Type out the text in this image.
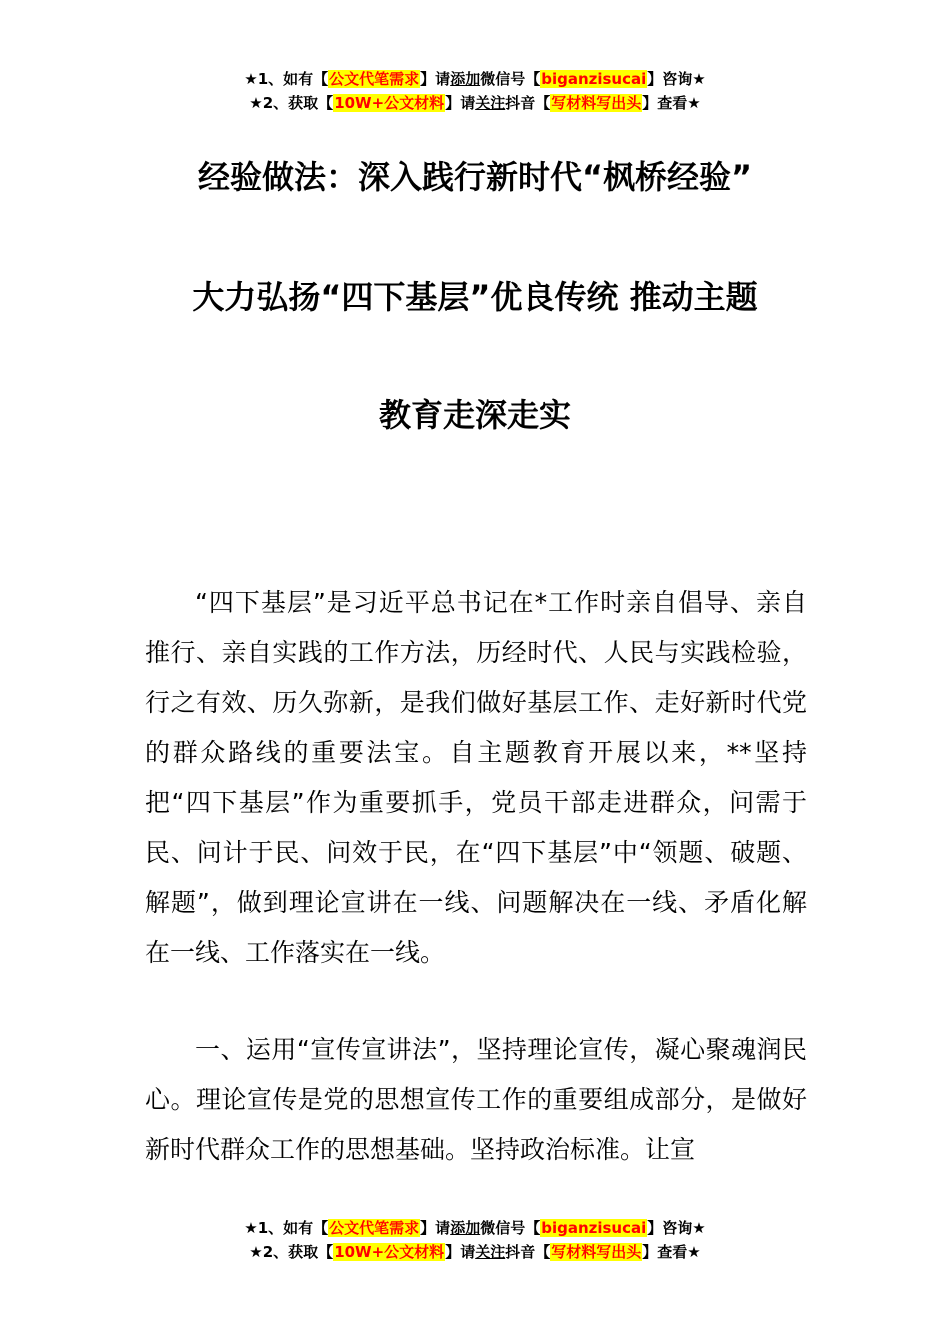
★1、如有【公文代笔需求】请添加微信号【biganzisucai】咨询★
★2、获取【10W+公文材料】请关注抖音【写材料写出头】查看★
经验做法：深入践行新时代“枫桥经验”
大力弘扬“四下基层”优良传统 推动主题
教育走深走实

“四下基层”是习近平总书记在*工作时亲自倡导、亲自推行、亲自实践的工作方法，历经时代、人民与实践检验，行之有效、历久弥新，是我们做好基层工作、走好新时代党的群众路线的重要法宝。自主题教育开展以来，**坚持把“四下基层”作为重要抓手，党员干部走进群众，问需于民、问计于民、问效于民，在“四下基层”中“领题、破题、解题”，做到理论宣讲在一线、问题解决在一线、矛盾化解在一线、工作落实在一线。

一、运用“宣传宣讲法”，坚持理论宣传，凝心聚魂润民心。理论宣传是党的思想宣传工作的重要组成部分，是做好新时代群众工作的思想基础。坚持政治标准。让宣

★1、如有【公文代笔需求】请添加微信号【biganzisucai】咨询★
★2、获取【10W+公文材料】请关注抖音【写材料写出头】查看★
